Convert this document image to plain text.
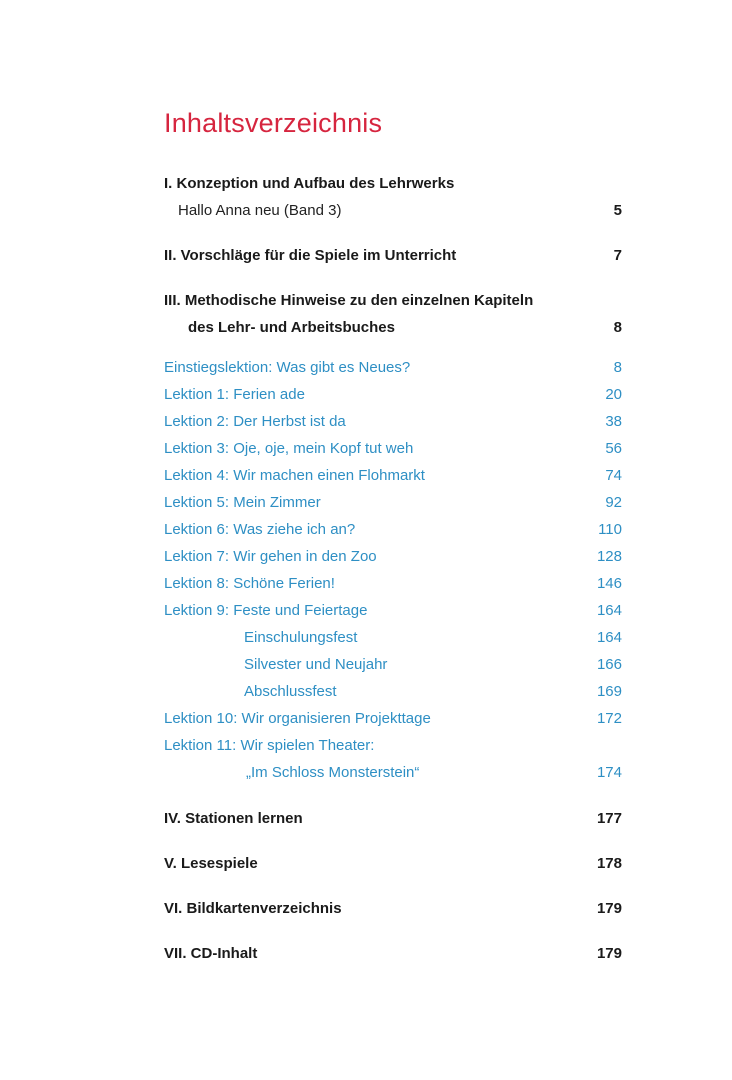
Inhaltsverzeichnis
I. Konzeption und Aufbau des Lehrwerks
Hallo Anna neu (Band 3)	5
II. Vorschläge für die Spiele im Unterricht	7
III. Methodische Hinweise zu den einzelnen Kapiteln
des Lehr- und Arbeitsbuches	8
Einstiegslektion: Was gibt es Neues?	8
Lektion 1: Ferien ade	20
Lektion 2: Der Herbst ist da	38
Lektion 3: Oje, oje, mein Kopf tut weh	56
Lektion 4: Wir machen einen Flohmarkt	74
Lektion 5: Mein Zimmer	92
Lektion 6: Was ziehe ich an?	110
Lektion 7: Wir gehen in den Zoo	128
Lektion 8: Schöne Ferien!	146
Lektion 9: Feste und Feiertage	164
Einschulungsfest	164
Silvester und Neujahr	166
Abschlussfest	169
Lektion 10: Wir organisieren Projekttage	172
Lektion 11: Wir spielen Theater:
„Im Schloss Monsterstein“	174
IV. Stationen lernen	177
V. Lesespiele	178
VI. Bildkartenverzeichnis	179
VII. CD-Inhalt	179
